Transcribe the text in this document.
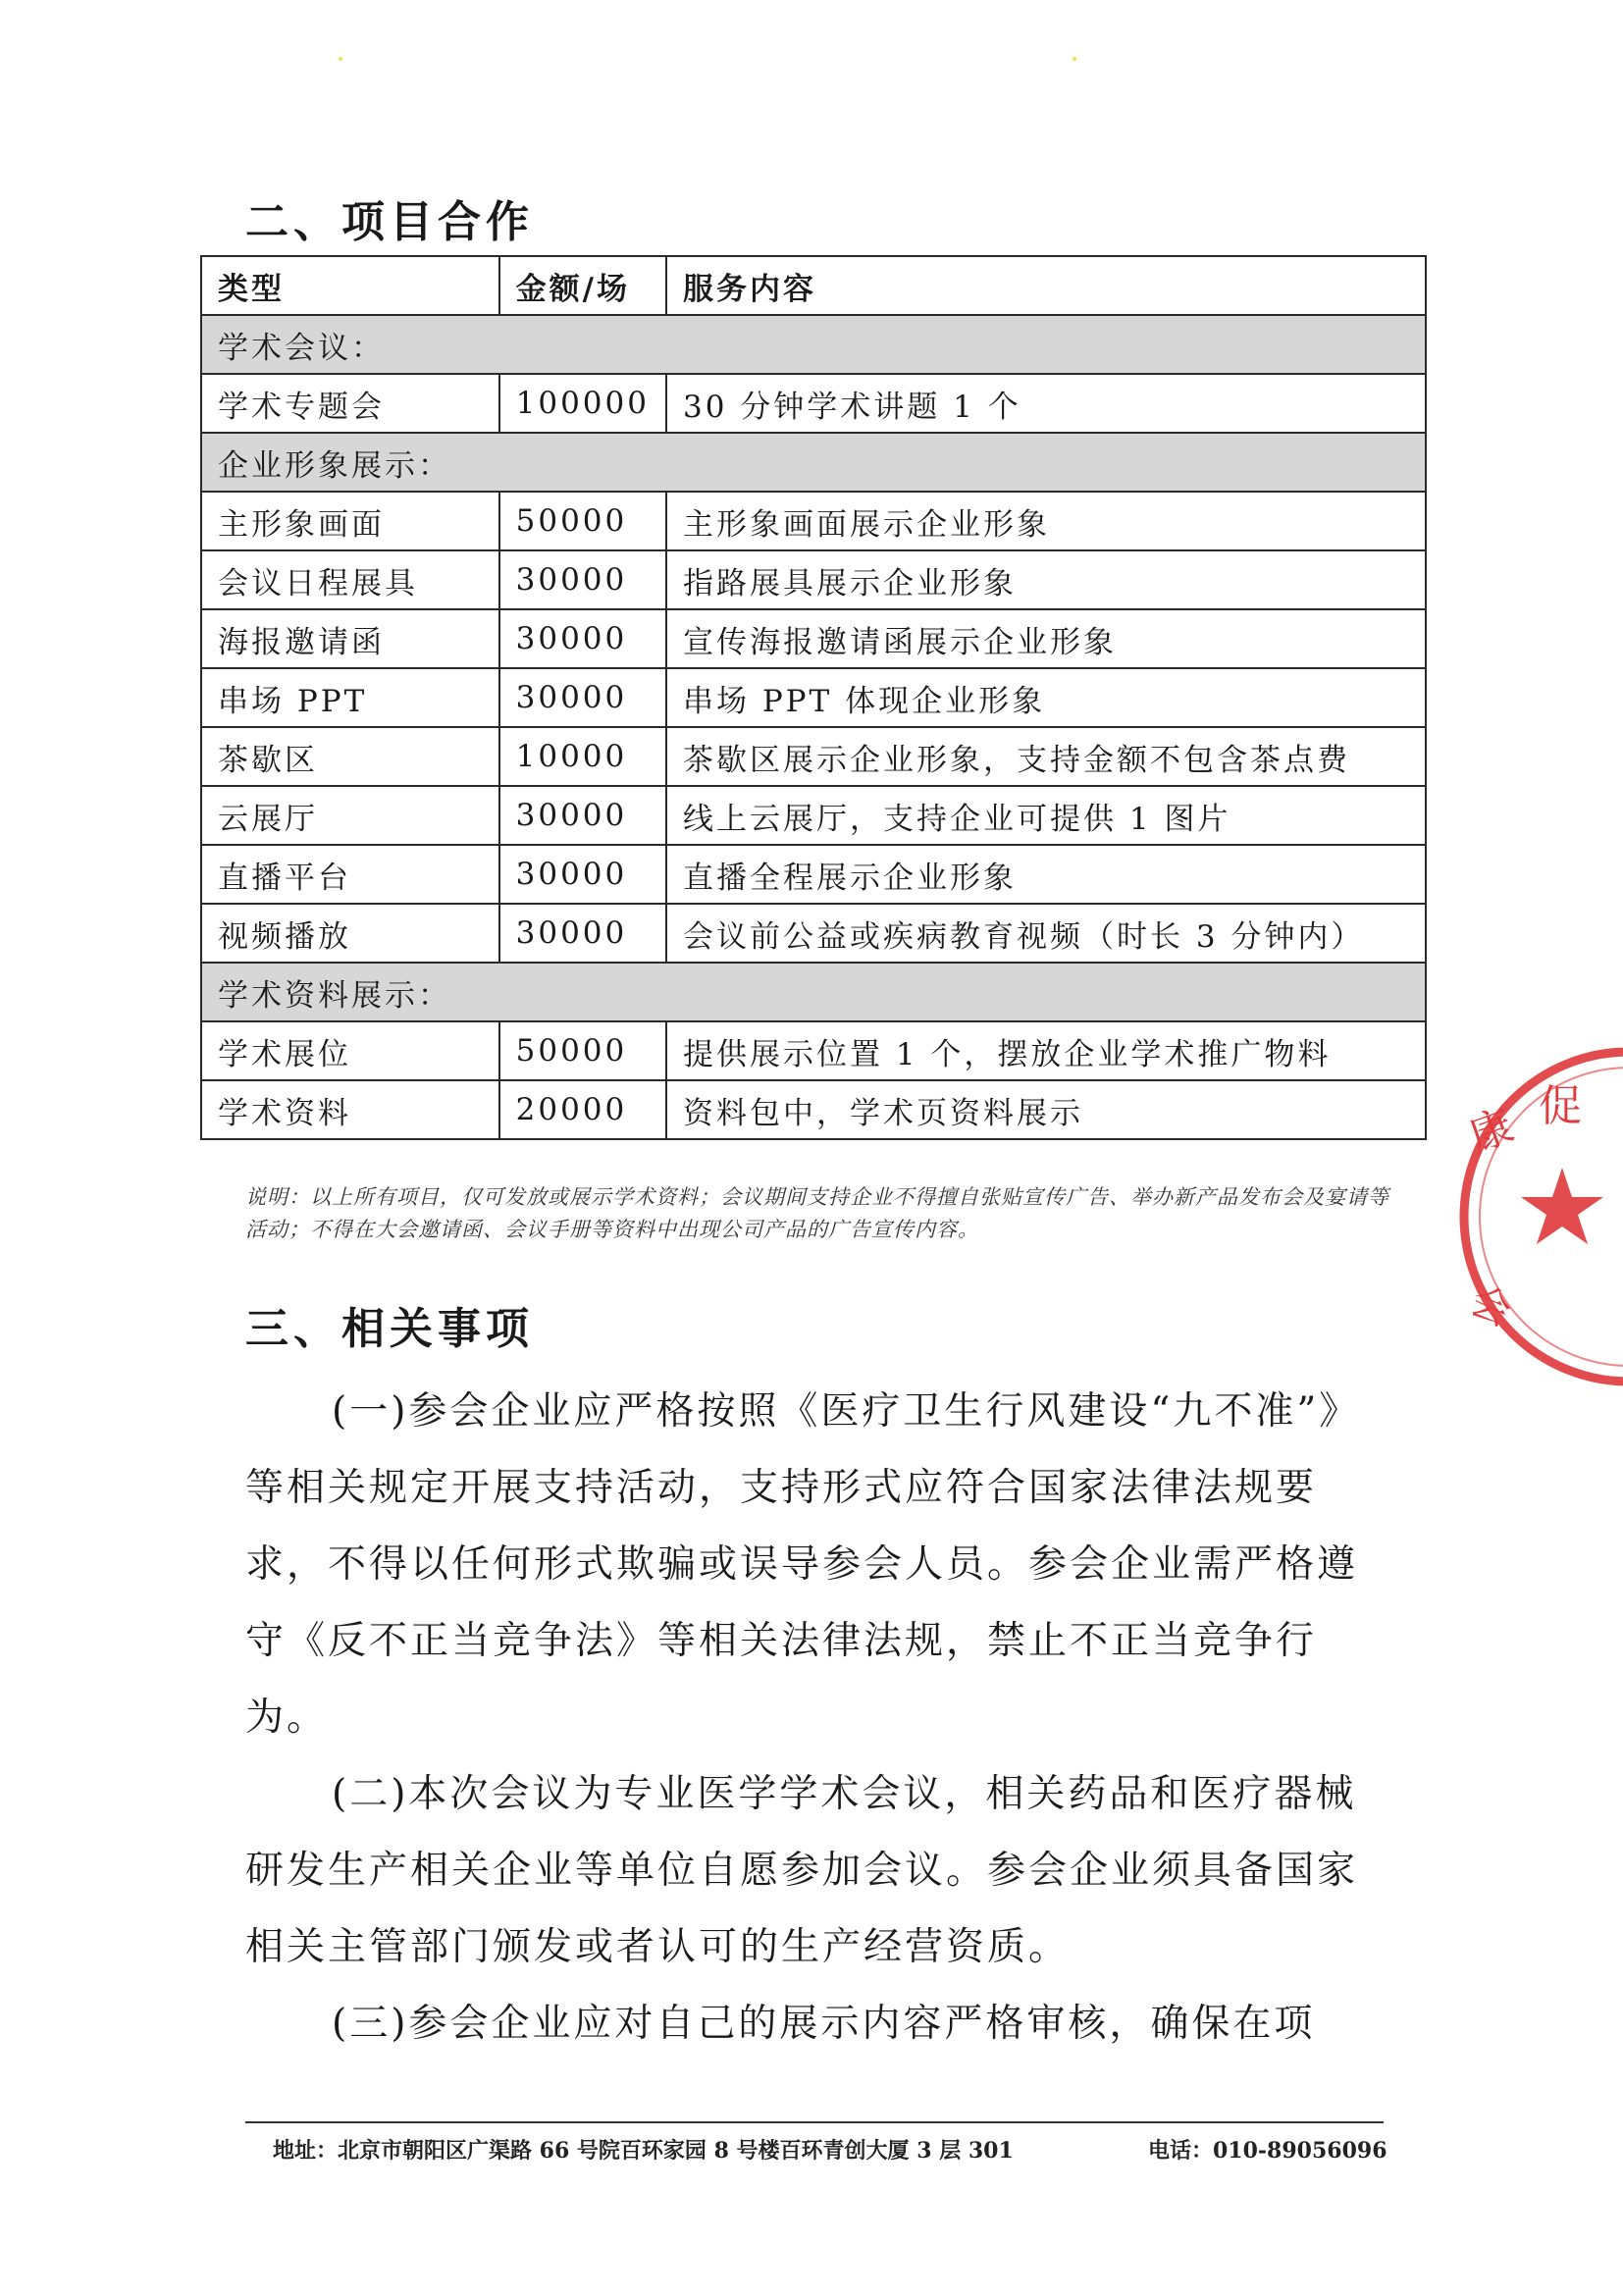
二、项目合作
类型	金额/场	服务内容
学术会议：		
学术专题会	100000	30 分钟学术讲题 1 个
企业形象展示：		
主形象画面	50000	主形象画面展示企业形象
会议日程展具	30000	指路展具展示企业形象
海报邀请函	30000	宣传海报邀请函展示企业形象
串场 PPT	30000	串场 PPT 体现企业形象
茶歇区	10000	茶歇区展示企业形象，支持金额不包含茶点费
云展厅	30000	线上云展厅，支持企业可提供 1 图片
直播平台	30000	直播全程展示企业形象
视频播放	30000	会议前公益或疾病教育视频（时长 3 分钟内）
学术资料展示：		
学术展位	50000	提供展示位置 1 个，摆放企业学术推广物料
学术资料	20000	资料包中，学术页资料展示
说明：以上所有项目，仅可发放或展示学术资料；会议期间支持企业不得擅自张贴宣传广告、举办新产品发布会及宴请等活动；不得在大会邀请函、会议手册等资料中出现公司产品的广告宣传内容。
三、相关事项
(一)参会企业应严格按照《医疗卫生行风建设“九不准”》等相关规定开展支持活动，支持形式应符合国家法律法规要求，不得以任何形式欺骗或误导参会人员。参会企业需严格遵守《反不正当竞争法》等相关法律法规，禁止不正当竞争行为。
(二)本次会议为专业医学学术会议，相关药品和医疗器械研发生产相关企业等单位自愿参加会议。参会企业须具备国家相关主管部门颁发或者认可的生产经营资质。
(三)参会企业应对自己的展示内容严格审核，确保在项
地址：北京市朝阳区广渠路 66 号院百环家园 8 号楼百环青创大厦 3 层 301	电话：010-89056096
康 促
会
